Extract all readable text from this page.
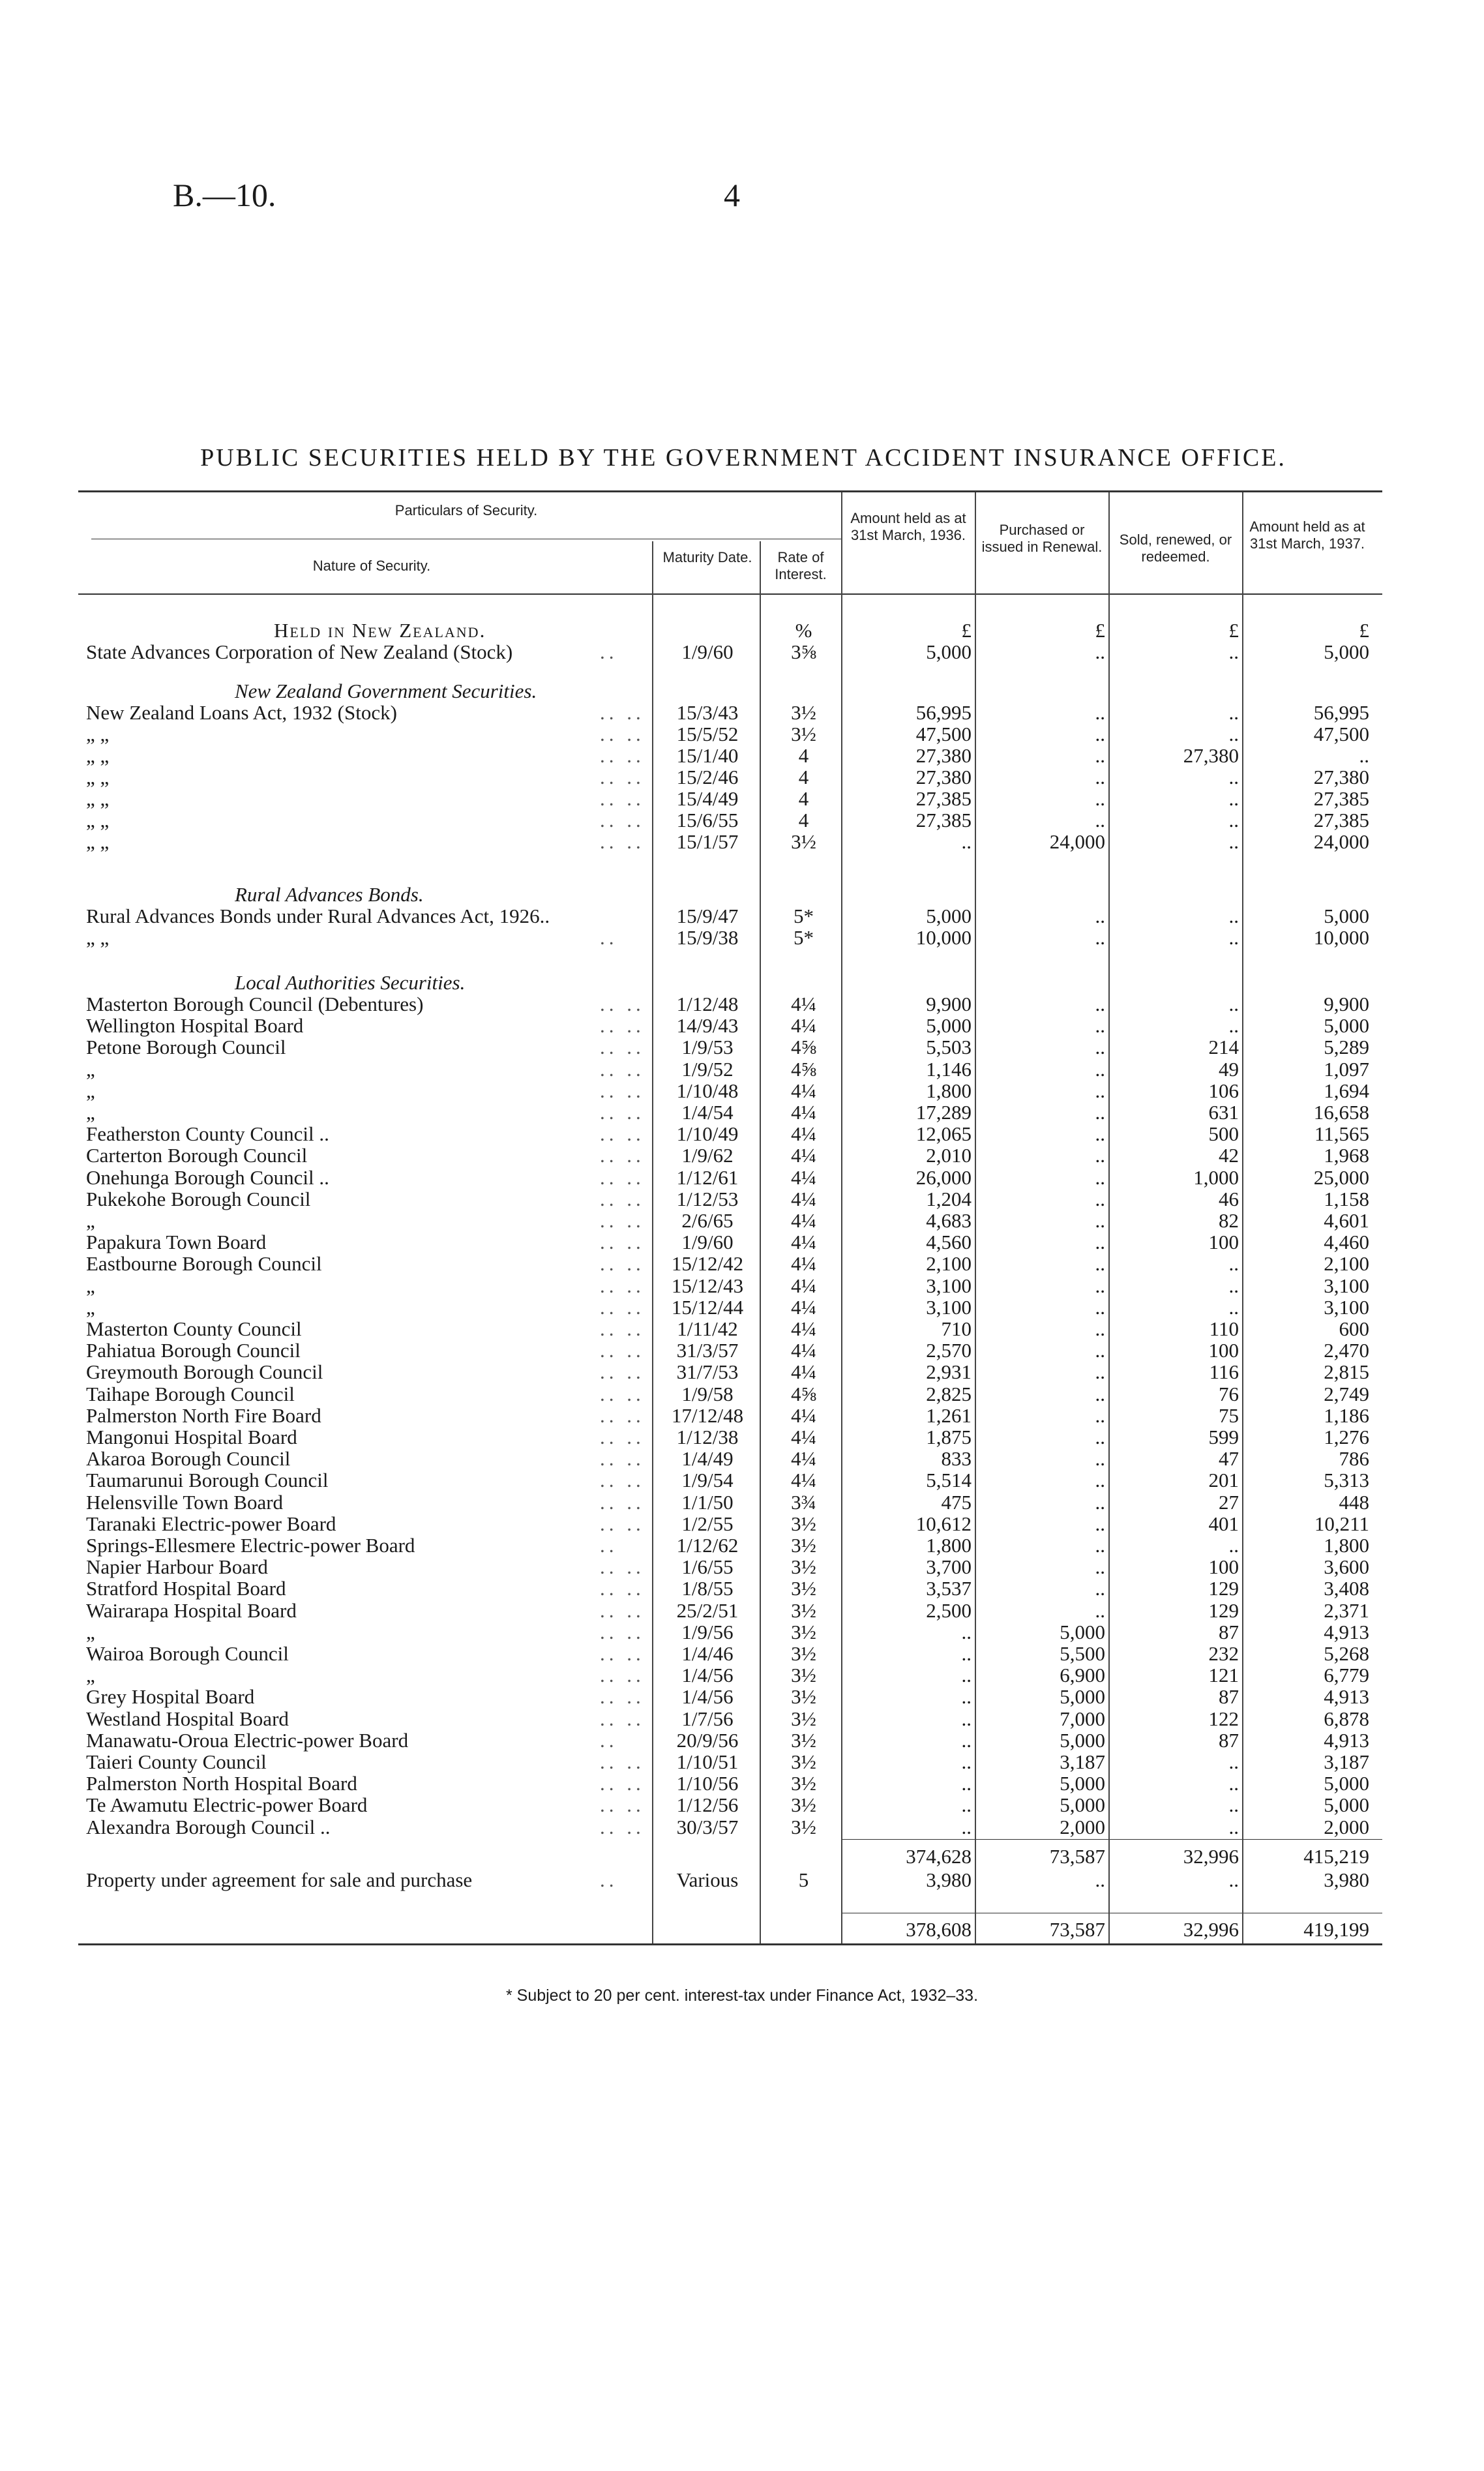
B.—10.	4
PUBLIC SECURITIES HELD BY THE GOVERNMENT ACCIDENT INSURANCE OFFICE.
Particulars of Security.
Nature of Security.
Maturity Date.	Rate of Interest.
Amount held as at 31st March, 1936.	Purchased or issued in Renewal.	Sold, renewed, or redeemed.
Amount held as at 31st March, 1937.
%	£	£	£	£
Held in New Zealand.
New Zealand Government Securities.
Rural Advances Bonds.
Local Authorities Securities.
State Advances Corporation of New Zealand (Stock)	..	1/9/60	3⅝	5,000	..	..	5,000
New Zealand Loans Act, 1932 (Stock)	.. ..	15/3/43	3½	56,995	..	..	56,995
„ „	.. ..	15/5/52	3½	47,500	..	..	47,500
„ „	.. ..	15/1/40	4	27,380	..	27,380	..
„ „	.. ..	15/2/46	4	27,380	..	..	27,380
„ „	.. ..	15/4/49	4	27,385	..	..	27,385
„ „	.. ..	15/6/55	4	27,385	..	..	27,385
„ „	.. ..	15/1/57	3½	..	24,000	..	24,000
Rural Advances Bonds under Rural Advances Act, 1926..	15/9/47	5*	5,000	..	..	5,000
„ „	..	15/9/38	5*	10,000	..	..	10,000
Masterton Borough Council (Debentures)	.. ..	1/12/48	4¼	9,900	..	..	9,900
Wellington Hospital Board	.. ..	14/9/43	4¼	5,000	..	..	5,000
Petone Borough Council	.. ..	1/9/53	4⅝	5,503	..	214	5,289
„	.. ..	1/9/52	4⅝	1,146	..	49	1,097
„	.. ..	1/10/48	4¼	1,800	..	106	1,694
„	.. ..	1/4/54	4¼	17,289	..	631	16,658
Featherston County Council ..	.. ..	1/10/49	4¼	12,065	..	500	11,565
Carterton Borough Council	.. ..	1/9/62	4¼	2,010	..	42	1,968
Onehunga Borough Council ..	.. ..	1/12/61	4¼	26,000	..	1,000	25,000
Pukekohe Borough Council	.. ..	1/12/53	4¼	1,204	..	46	1,158
„	.. ..	2/6/65	4¼	4,683	..	82	4,601
Papakura Town Board	.. ..	1/9/60	4¼	4,560	..	100	4,460
Eastbourne Borough Council	.. ..	15/12/42	4¼	2,100	..	..	2,100
„	.. ..	15/12/43	4¼	3,100	..	..	3,100
„	.. ..	15/12/44	4¼	3,100	..	..	3,100
Masterton County Council	.. ..	1/11/42	4¼	710	..	110	600
Pahiatua Borough Council	.. ..	31/3/57	4¼	2,570	..	100	2,470
Greymouth Borough Council	.. ..	31/7/53	4¼	2,931	..	116	2,815
Taihape Borough Council	.. ..	1/9/58	4⅝	2,825	..	76	2,749
Palmerston North Fire Board	.. ..	17/12/48	4¼	1,261	..	75	1,186
Mangonui Hospital Board	.. ..	1/12/38	4¼	1,875	..	599	1,276
Akaroa Borough Council	.. ..	1/4/49	4¼	833	..	47	786
Taumarunui Borough Council	.. ..	1/9/54	4¼	5,514	..	201	5,313
Helensville Town Board	.. ..	1/1/50	3¾	475	..	27	448
Taranaki Electric-power Board	.. ..	1/2/55	3½	10,612	..	401	10,211
Springs-Ellesmere Electric-power Board	..	1/12/62	3½	1,800	..	..	1,800
Napier Harbour Board	.. ..	1/6/55	3½	3,700	..	100	3,600
Stratford Hospital Board	.. ..	1/8/55	3½	3,537	..	129	3,408
Wairarapa Hospital Board	.. ..	25/2/51	3½	2,500	..	129	2,371
„	.. ..	1/9/56	3½	..	5,000	87	4,913
Wairoa Borough Council	.. ..	1/4/46	3½	..	5,500	232	5,268
„	.. ..	1/4/56	3½	..	6,900	121	6,779
Grey Hospital Board	.. ..	1/4/56	3½	..	5,000	87	4,913
Westland Hospital Board	.. ..	1/7/56	3½	..	7,000	122	6,878
Manawatu-Oroua Electric-power Board	..	20/9/56	3½	..	5,000	87	4,913
Taieri County Council	.. ..	1/10/51	3½	..	3,187	..	3,187
Palmerston North Hospital Board	.. ..	1/10/56	3½	..	5,000	..	5,000
Te Awamutu Electric-power Board	.. ..	1/12/56	3½	..	5,000	..	5,000
Alexandra Borough Council ..	.. ..	30/3/57	3½	..	2,000	..	2,000
374,628	73,587	32,996	415,219
Property under agreement for sale and purchase	..	Various	5	3,980	..	..	3,980
378,608	73,587	32,996	419,199
* Subject to 20 per cent. interest-tax under Finance Act, 1932–33.
